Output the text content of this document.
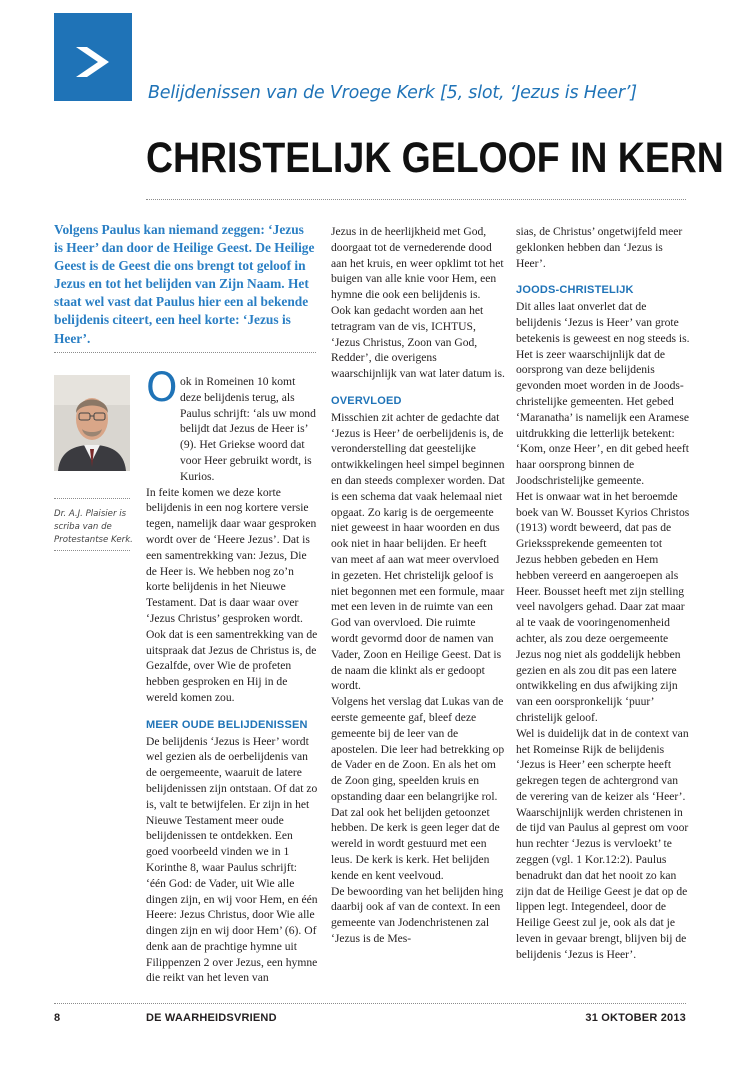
Belijdenissen van de Vroege Kerk [5, slot, ‘Jezus is Heer’]
CHRISTELIJK GELOOF IN KERN
Volgens Paulus kan niemand zeggen: ‘Jezus is Heer’ dan door de Heilige Geest. De Heilige Geest is de Geest die ons brengt tot geloof in Jezus en tot het belijden van Zijn Naam. Het staat wel vast dat Paulus hier een al bekende belijdenis citeert, een heel korte: ‘Jezus is Heer’.
Dr. A.J. Plaisier is scriba van de Protestantse Kerk.
O ok in Romeinen 10 komt deze belijdenis terug, als Paulus schrijft: ‘als uw mond belijdt dat Jezus de Heer is’ (9). Het Griekse woord dat voor Heer gebruikt wordt, is Kurios.

In feite komen we deze korte belijdenis in een nog kortere versie tegen, namelijk daar waar gesproken wordt over de ‘Heere Jezus’. Dat is een samentrekking van: Jezus, Die de Heer is. We hebben nog zo’n korte belijdenis in het Nieuwe Testament. Dat is daar waar over ‘Jezus Christus’ gesproken wordt. Ook dat is een samentrekking van de uitspraak dat Jezus de Christus is, de Gezalfde, over Wie de profeten hebben gesproken en Hij in de wereld komen zou.

MEER OUDE BELIJDENISSEN

De belijdenis ‘Jezus is Heer’ wordt wel gezien als de oerbelijdenis van de oergemeente, waaruit de latere belijdenissen zijn ontstaan. Of dat zo is, valt te betwijfelen. Er zijn in het Nieuwe Testament meer oude belijdenissen te ontdekken. Een goed voorbeeld vinden we in 1 Korinthe 8, waar Paulus schrijft: ‘één God: de Vader, uit Wie alle dingen zijn, en wij voor Hem, en één Heere: Jezus Christus, door Wie alle dingen zijn en wij door Hem’ (6). Of denk aan de prachtige hymne uit Filippenzen 2 over Jezus, een hymne die reikt van het leven van

Jezus in de heerlijkheid met God, doorgaat tot de vernederende dood aan het kruis, en weer opklimt tot het buigen van alle knie voor Hem, een hymne die ook een belijdenis is.

Ook kan gedacht worden aan het tetragram van de vis, ICHTUS, ‘Jezus Christus, Zoon van God, Redder’, die overigens waarschijnlijk van wat later datum is.

OVERVLOED

Misschien zit achter de gedachte dat ‘Jezus is Heer’ de oerbelijdenis is, de veronderstelling dat geestelijke ontwikkelingen heel simpel beginnen en dan steeds complexer worden. Dat is een schema dat vaak helemaal niet opgaat. Zo karig is de oergemeente niet geweest in haar woorden en dus ook niet in haar belijden. Er heeft van meet af aan wat meer overvloed in gezeten. Het christelijk geloof is niet begonnen met een formule, maar met een leven in de ruimte van een God van overvloed. Die ruimte wordt gevormd door de namen van Vader, Zoon en Heilige Geest. Dat is de naam die klinkt als er gedoopt wordt.

Volgens het verslag dat Lukas van de eerste gemeente gaf, bleef deze gemeente bij de leer van de apostelen. Die leer had betrekking op de Vader en de Zoon. En als het om de Zoon ging, speelden kruis en opstanding daar een belangrijke rol. Dat zal ook het belijden getoonzet hebben. De kerk is geen leger dat de wereld in wordt gestuurd met een leus. De kerk is kerk. Het belijden kende en kent veelvoud.

De bewoording van het belijden hing daarbij ook af van de context. In een gemeente van Jodenchristenen zal ‘Jezus is de Mes-

sias, de Christus’ ongetwijfeld meer geklonken hebben dan ‘Jezus is Heer’.

JOODS-CHRISTELIJK

Dit alles laat onverlet dat de belijdenis ‘Jezus is Heer’ van grote betekenis is geweest en nog steeds is. Het is zeer waarschijnlijk dat de oorsprong van deze belijdenis gevonden moet worden in de Joods-christelijke gemeenten. Het gebed ‘Maranatha’ is namelijk een Aramese uitdrukking die letterlijk betekent: ‘Kom, onze Heer’, en dit gebed heeft haar oorsprong binnen de Joodschristelijke gemeente.

Het is onwaar wat in het beroemde boek van W. Bousset Kyrios Christos (1913) wordt beweerd, dat pas de Griekssprekende gemeenten tot Jezus hebben gebeden en Hem hebben vereerd en aangeroepen als Heer. Bousset heeft met zijn stelling veel navolgers gehad. Daar zat maar al te vaak de vooringenomenheid achter, als zou deze oergemeente Jezus nog niet als goddelijk hebben gezien en als zou dit pas een latere ontwikkeling en dus afwijking zijn van een oorspronkelijk ‘puur’ christelijk geloof.

Wel is duidelijk dat in de context van het Romeinse Rijk de belijdenis ‘Jezus is Heer’ een scherpte heeft gekregen tegen de achtergrond van de verering van de keizer als ‘Heer’. Waarschijnlijk werden christenen in de tijd van Paulus al geprest om voor hun rechter ‘Jezus is vervloekt’ te zeggen (vgl. 1 Kor.12:2). Paulus benadrukt dan dat het nooit zo kan zijn dat de Heilige Geest je dat op de lippen legt. Integendeel, door de Heilige Geest zul je, ook als dat je leven in gevaar brengt, blijven bij de belijdenis ‘Jezus is Heer’.

8	DE WAARHEIDSVRIEND	31 OKTOBER 2013
